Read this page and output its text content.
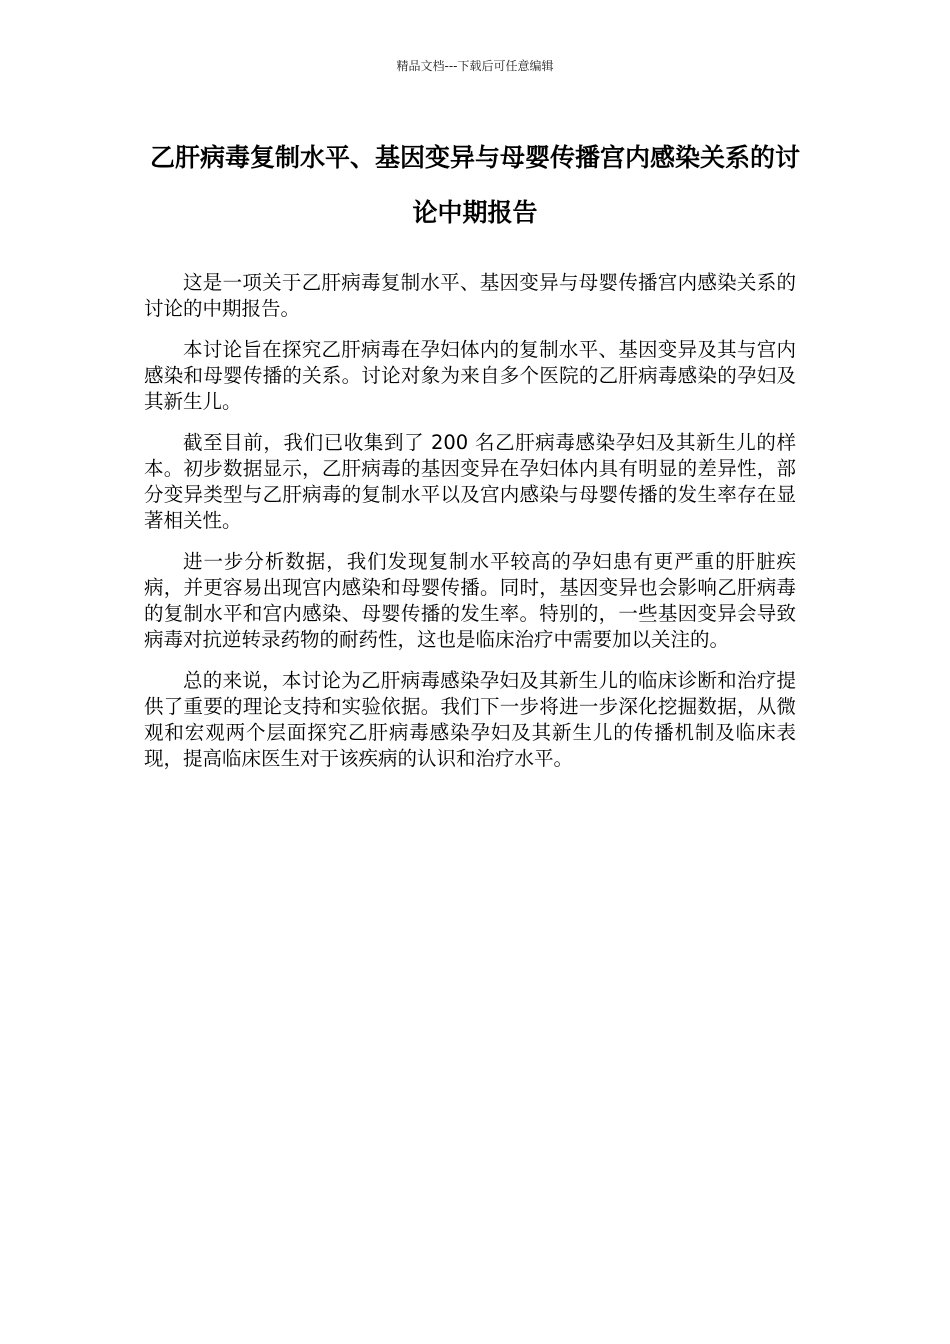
精品文档---下载后可任意编辑
乙肝病毒复制水平、基因变异与母婴传播宫内感染关系的讨论中期报告

这是一项关于乙肝病毒复制水平、基因变异与母婴传播宫内感染关系的讨论的中期报告。

本讨论旨在探究乙肝病毒在孕妇体内的复制水平、基因变异及其与宫内感染和母婴传播的关系。讨论对象为来自多个医院的乙肝病毒感染的孕妇及其新生儿。

截至目前，我们已收集到了 200 名乙肝病毒感染孕妇及其新生儿的样本。初步数据显示，乙肝病毒的基因变异在孕妇体内具有明显的差异性，部分变异类型与乙肝病毒的复制水平以及宫内感染与母婴传播的发生率存在显著相关性。

进一步分析数据，我们发现复制水平较高的孕妇患有更严重的肝脏疾病，并更容易出现宫内感染和母婴传播。同时，基因变异也会影响乙肝病毒的复制水平和宫内感染、母婴传播的发生率。特别的，一些基因变异会导致病毒对抗逆转录药物的耐药性，这也是临床治疗中需要加以关注的。

总的来说，本讨论为乙肝病毒感染孕妇及其新生儿的临床诊断和治疗提供了重要的理论支持和实验依据。我们下一步将进一步深化挖掘数据，从微观和宏观两个层面探究乙肝病毒感染孕妇及其新生儿的传播机制及临床表现，提高临床医生对于该疾病的认识和治疗水平。
